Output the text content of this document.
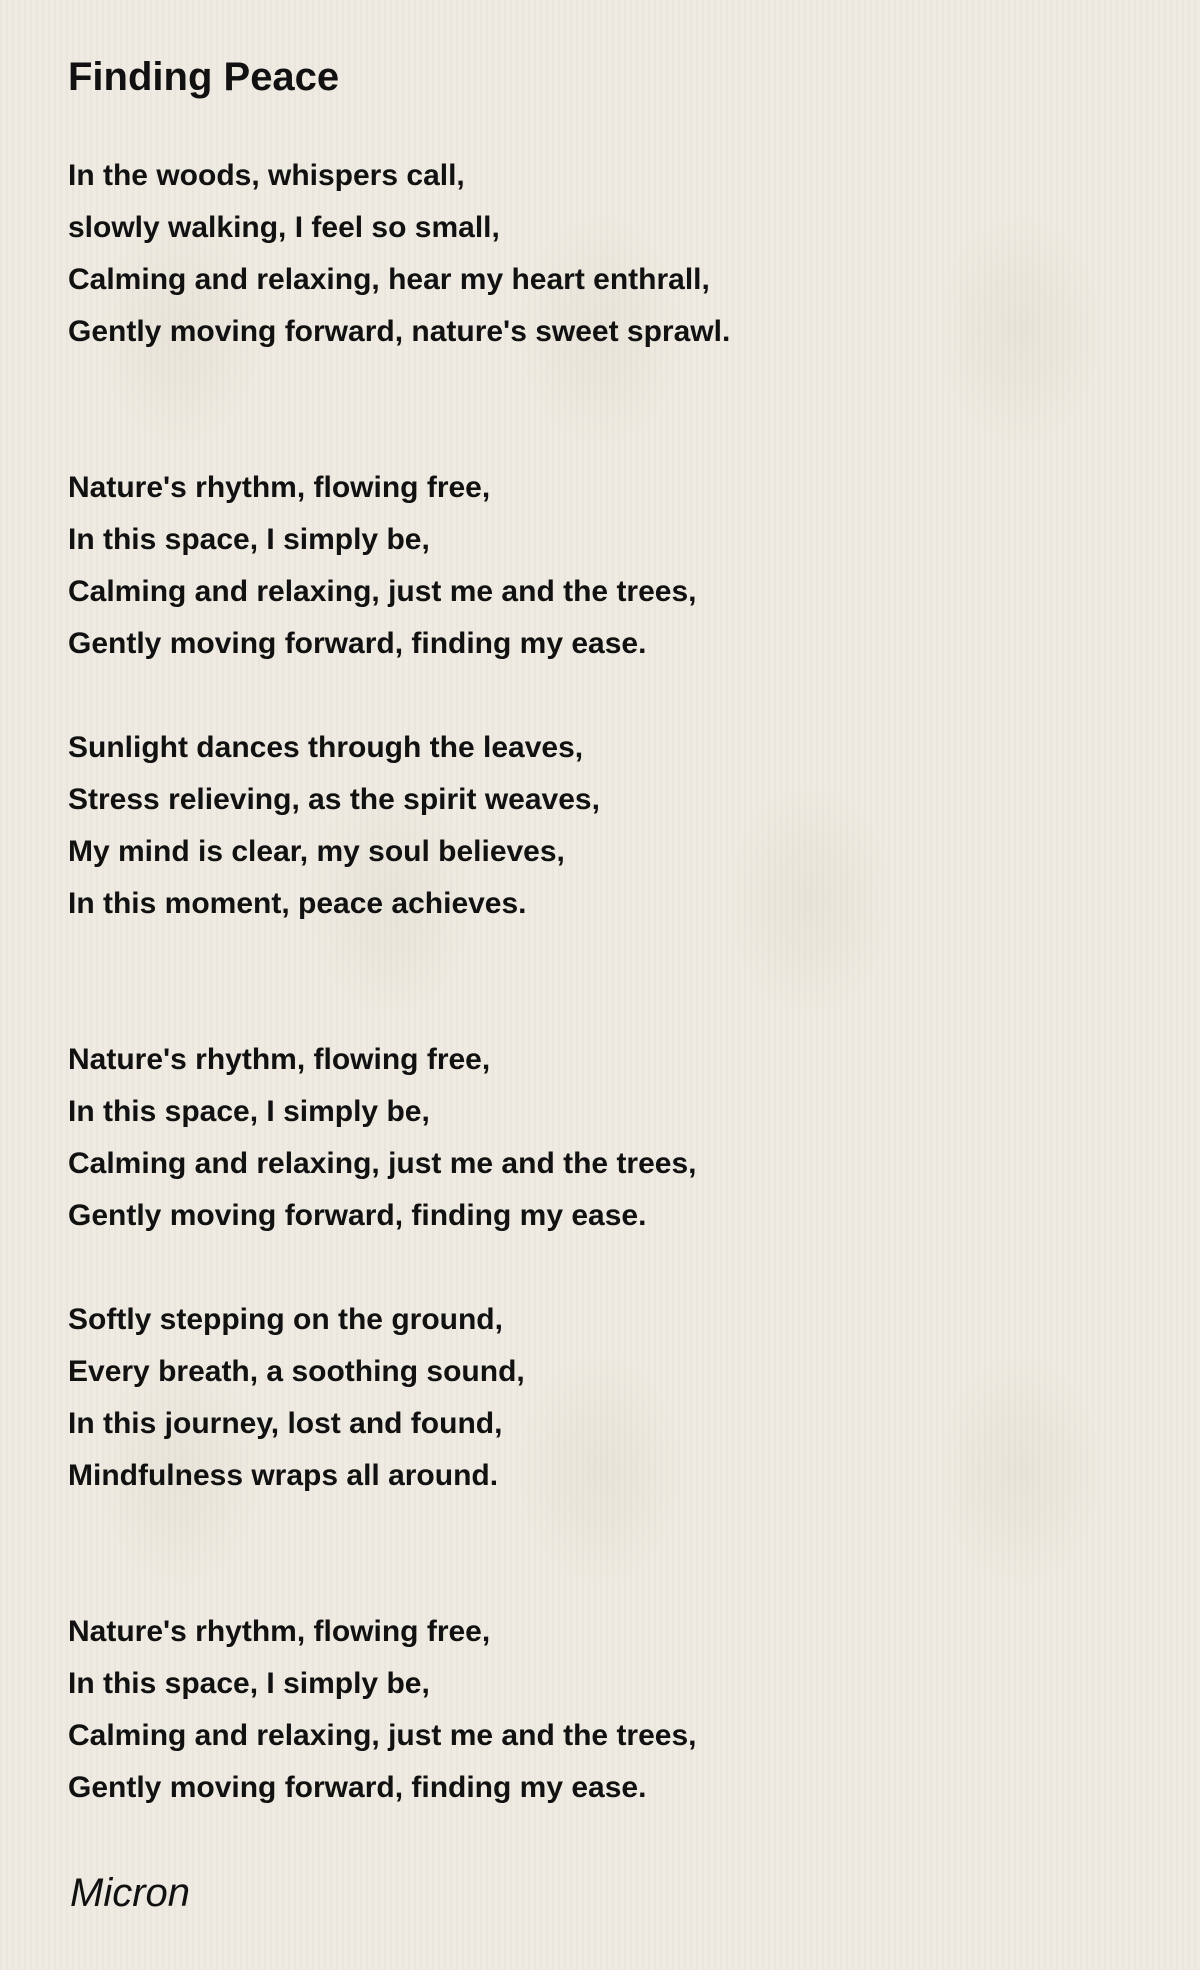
Finding Peace
In the woods, whispers call,
slowly walking, I feel so small,
Calming and relaxing, hear my heart enthrall,
Gently moving forward, nature's sweet sprawl.
Nature's rhythm, flowing free,
In this space, I simply be,
Calming and relaxing, just me and the trees,
Gently moving forward, finding my ease.
Sunlight dances through the leaves,
Stress relieving, as the spirit weaves,
My mind is clear, my soul believes,
In this moment, peace achieves.
Nature's rhythm, flowing free,
In this space, I simply be,
Calming and relaxing, just me and the trees,
Gently moving forward, finding my ease.
Softly stepping on the ground,
Every breath, a soothing sound,
In this journey, lost and found,
Mindfulness wraps all around.
Nature's rhythm, flowing free,
In this space, I simply be,
Calming and relaxing, just me and the trees,
Gently moving forward, finding my ease.
Micron
